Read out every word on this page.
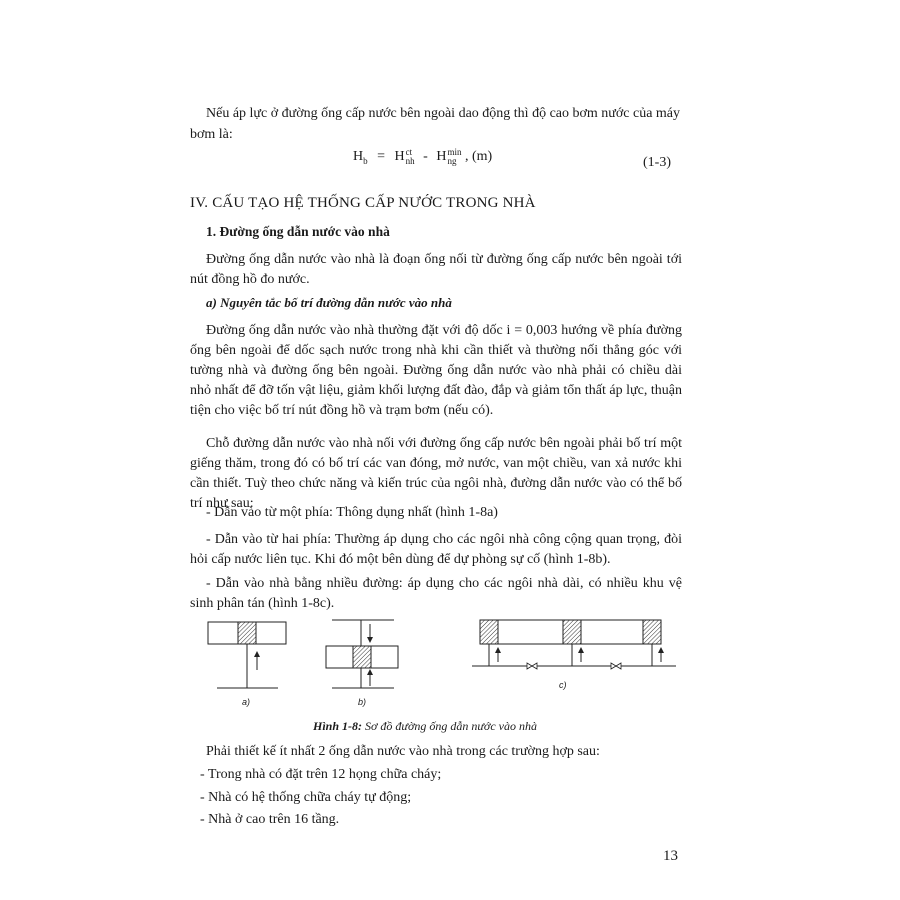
Nếu áp lực ở đường ống cấp nước bên ngoài dao động thì độ cao bơm nước của máy

bơm là:

$H_b$ = Hct
nh - Hmin
ng , (m)	(1-3)

IV. CẤU TẠO HỆ THỐNG CẤP NƯỚC TRONG NHÀ

1. Đường ống dẫn nước vào nhà

Đường ống dẫn nước vào nhà là đoạn ống nối từ đường ống cấp nước bên ngoài tới nút đồng hồ đo nước.

a) Nguyên tắc bố trí đường dẫn nước vào nhà

Đường ống dẫn nước vào nhà thường đặt với độ dốc i = 0,003 hướng về phía đường ống bên ngoài để dốc sạch nước trong nhà khi cần thiết và thường nối thẳng góc với tường nhà và đường ống bên ngoài. Đường ống dẫn nước vào nhà phải có chiều dài nhỏ nhất để đỡ tốn vật liệu, giảm khối lượng đất đào, đắp và giảm tổn thất áp lực, thuận tiện cho việc bố trí nút đồng hồ và trạm bơm (nếu có).

Chỗ đường dẫn nước vào nhà nối với đường ống cấp nước bên ngoài phải bố trí một giếng thăm, trong đó có bố trí các van đóng, mở nước, van một chiều, van xả nước khi cần thiết. Tuỳ theo chức năng và kiến trúc của ngôi nhà, đường dẫn nước vào có thể bố trí như sau:

- Dẫn vào từ một phía: Thông dụng nhất (hình 1-8a)

- Dẫn vào từ hai phía: Thường áp dụng cho các ngôi nhà công cộng quan trọng, đòi hỏi cấp nước liên tục. Khi đó một bên dùng để dự phòng sự cố (hình 1-8b).

- Dẫn vào nhà bằng nhiều đường: áp dụng cho các ngôi nhà dài, có nhiều khu vệ sinh phân tán (hình 1-8c).

a)	b)
c)
Hình 1-8: Sơ đồ đường ống dẫn nước vào nhà

Phải thiết kế ít nhất 2 ống dẫn nước vào nhà trong các trường hợp sau:

- Trong nhà có đặt trên 12 họng chữa cháy;

- Nhà có hệ thống chữa cháy tự động;

- Nhà ở cao trên 16 tầng.

13
